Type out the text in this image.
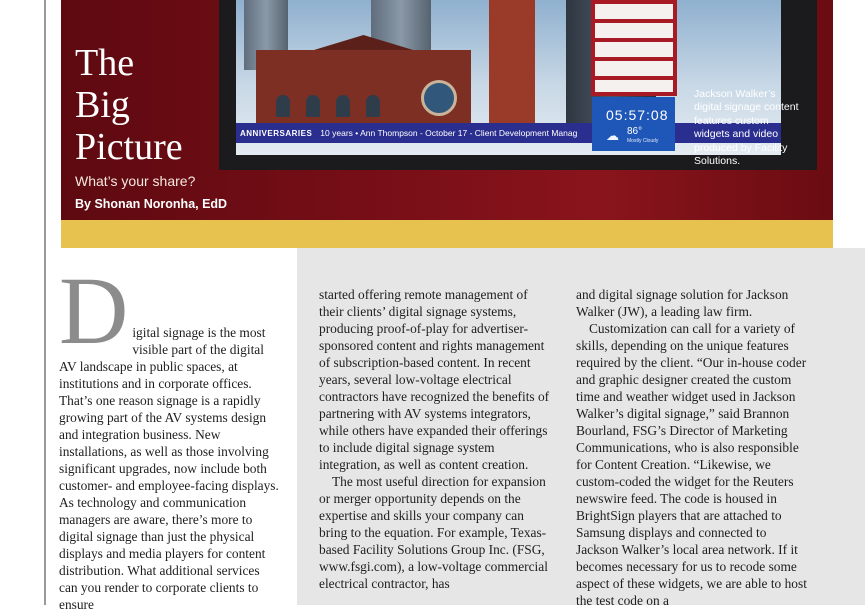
ANNIVERSARIES 10 years • Ann Thompson - October 17 - Client Development Manag
05:57:08
☁ 86°
Mostly Cloudy
The
Big
Picture
What’s your share?
By Shonan Noronha, EdD
Jackson Walker’s digital signage content features custom widgets and video produced by Facility Solutions.
D igital signage is the most visible part of the digital AV landscape in public spaces, at institutions and in corporate offices. That’s one reason signage is a rapidly growing part of the AV systems design and integration business. New installations, as well as those involving significant upgrades, now include both customer- and employee-facing displays. As technology and communication managers are aware, there’s more to digital signage than just the physical displays and media players for content distribution. What additional services can you render to corporate clients to ensure

started offering remote management of their clients’ digital signage systems, producing proof-of-play for advertiser-sponsored content and rights management of subscription-based content. In recent years, several low-voltage electrical contractors have recognized the benefits of partnering with AV systems integrators, while others have expanded their offerings to include digital signage system integration, as well as content creation.

The most useful direction for expansion or merger opportunity depends on the expertise and skills your company can bring to the equation. For example, Texas-based Facility Solutions Group Inc. (FSG, www.fsgi.com), a low-voltage commercial electrical contractor, has

and digital signage solution for Jackson Walker (JW), a leading law firm.

Customization can call for a variety of skills, depending on the unique features required by the client. “Our in-house coder and graphic designer created the custom time and weather widget used in Jackson Walker’s digital signage,” said Brannon Bourland, FSG’s Director of Marketing Communications, who is also responsible for Content Creation. “Likewise, we custom-coded the widget for the Reuters newswire feed. The code is housed in BrightSign players that are attached to Samsung displays and connected to Jackson Walker’s local area network. If it becomes necessary for us to recode some aspect of these widgets, we are able to host the test code on a
